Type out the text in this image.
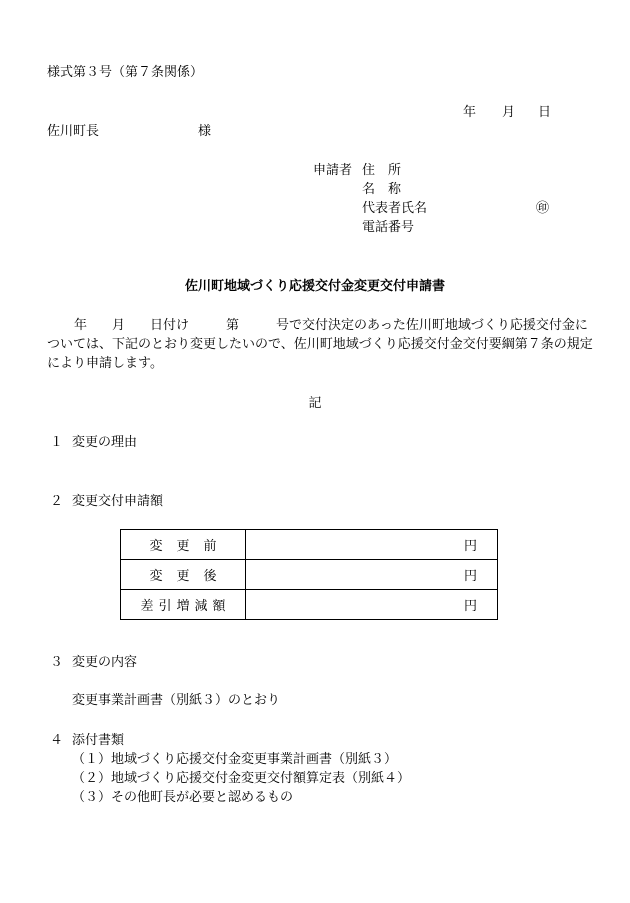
様式第３号（第７条関係）
年 月 日
佐川町長	様
申請者 住　所
名　称
代表者氏名	㊞
電話番号
佐川町地域づくり応援交付金変更交付申請書
年 月 日付け	第	号で交付決定のあった佐川町地域づくり応援交付金に
ついては、下記のとおり変更したいので、佐川町地域づくり応援交付金交付要綱第７条の規定
により申請します。
記
１ 変更の理由
２ 変更交付申請額
変更前	円
変更後	円
差引増減額	円
３ 変更の内容
変更事業計画書（別紙３）のとおり
４ 添付書類
（１）地域づくり応援交付金変更事業計画書（別紙３）
（２）地域づくり応援交付金変更交付額算定表（別紙４）
（３）その他町長が必要と認めるもの
